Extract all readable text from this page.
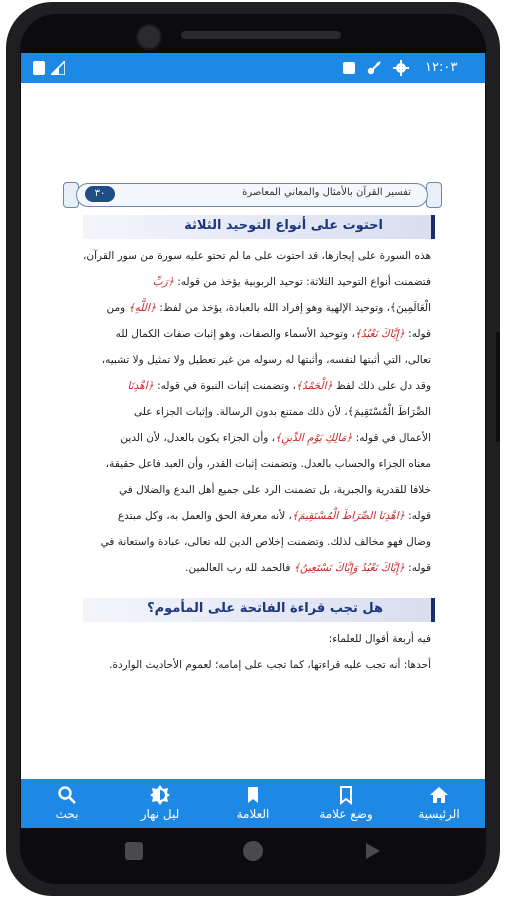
١٢:٠٣
٣٠	تفسير القرآن بالأمثال والمعاني المعاصرة
احتوت على أنواع التوحيد الثلاثة
هذه السورة على إيجازها، قد احتوت على ما لم تحتو عليه سورة من سور القرآن،
فتضمنت أنواع التوحيد الثلاثة: توحيد الربوبية يؤخذ من قوله: ﴿رَبِّ
الْعَالَمِينَ﴾، وتوحيد الإلهية وهو إفراد الله بالعبادة، يؤخذ من لفظ: ﴿اللَّهِ﴾ ومن
قوله: ﴿إِيَّاكَ نَعْبُدُ﴾، وتوحيد الأسماء والصفات، وهو إثبات صفات الكمال لله
تعالى، التي أثبتها لنفسه، وأثبتها له رسوله من غير تعطيل ولا تمثيل ولا تشبيه،
وقد دل على ذلك لفظ ﴿الْحَمْدُ﴾، وتضمنت إثبات النبوة في قوله: ﴿اهْدِنَا
الصِّرَاطَ الْمُسْتَقِيمَ﴾، لأن ذلك ممتنع بدون الرسالة. وإثبات الجزاء على
الأعمال في قوله: ﴿مَالِكِ يَوْمِ الدِّينِ﴾، وأن الجزاء يكون بالعدل، لأن الدين
معناه الجزاء والحساب بالعدل. وتضمنت إثبات القدر، وأن العبد فاعل حقيقة،
خلافا للقدرية والجبرية، بل تضمنت الرد على جميع أهل البدع والضلال في
قوله: ﴿اهْدِنَا الصِّرَاطَ الْمُسْتَقِيمَ﴾، لأنه معرفة الحق والعمل به، وكل مبتدع
وضال فهو مخالف لذلك. وتضمنت إخلاص الدين لله تعالى، عبادة واستعانة في
قوله: ﴿إِيَّاكَ نَعْبُدُ وَإِيَّاكَ نَسْتَعِينُ﴾ فالحمد لله رب العالمين.
هل تجب قراءة الفاتحة على المأموم؟
فيه أربعة أقوال للعلماء:
أحدها: أنه تجب عليه قراءتها، كما تجب على إمامه؛ لعموم الأحاديث الواردة.
الرئيسية
وضع علامة
العلامة
ليل نهار
بحث
